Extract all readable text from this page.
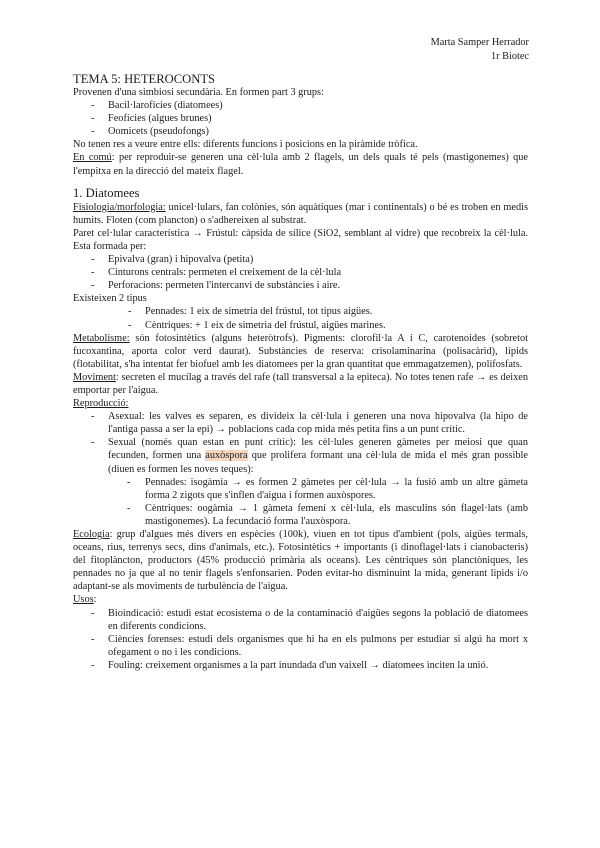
Marta Samper Herrador
1r Biotec
TEMA 5: HETEROCONTS

Provenen d'una simbiosi secundària. En formen part 3 grups:

- Bacil·larofícies (diatomees)
- Feofícies (algues brunes)
- Oomicets (pseudofongs)

No tenen res a veure entre ells: diferents funcions i posicions en la piràmide tròfica.

En comú: per reproduir-se generen una cèl·lula amb 2 flagels, un dels quals té pels (mastigonemes) que l'empitxa en la direcció del mateix flagel.

1. Diatomees

Fisiologia/morfologia: unicel·lulars, fan colònies, són aquàtiques (mar i continentals) o bé es troben en medis humits. Floten (com plancton) o s'adhereixen al substrat.

Paret cel·lular característica → Frústul: càpsida de sílice (SiO2, semblant al vidre) que recobreix la cèl·lula. Esta formada per:

- Epivalva (gran) i hipovalva (petita)
- Cinturons centrals: permeten el creixement de la cèl·lula
- Perforacions: permeten l'intercanvi de substàncies i aire.

Existeixen 2 tipus

- Pennades: 1 eix de simetria del frústul, tot tipus aigües.
- Cèntriques: + 1 eix de simetria del frústul, aigües marines.

Metabolisme: són fotosintètics (alguns heteròtrofs). Pigments: clorofil·la A i C, carotenoides (sobretot fucoxantina, aporta color verd daurat). Substàncies de reserva: crisolaminarina (polisacàrid), lípids (flotabilitat, s'ha intentat fer biofuel amb les diatomees per la gran quantitat que emmagatzemen), polifosfats.

Moviment: secreten el mucílag a través del rafe (tall transversal a la epiteca). No totes tenen rafe → es deixen emportar per l'aigua.

Reproducció:

- Asexual: les valves es separen, es divideix la cèl·lula i generen una nova hipovalva (la hipo de l'antiga passa a ser la epi) → poblacions cada cop mida més petita fins a un punt crític.
- Sexual (només quan estan en punt crític): les cèl·lules generen gàmetes per meiosi que quan fecunden, formen una auxòspora que prolifera formant una cèl·lula de mida el més gran possible (diuen es formen les noves teques):
- Pennades: isogàmia → es formen 2 gàmetes per cèl·lula → la fusió amb un altre gàmeta forma 2 zigots que s'inflen d'aigua i formen auxòspores.
- Cèntriques: oogàmia → 1 gàmeta femení x cèl·lula, els masculins són flagel·lats (amb mastigonemes). La fecundació forma l'auxòspora.

Ecologia: grup d'algues més divers en espècies (100k), viuen en tot tipus d'ambient (pols, aigües termals, oceans, rius, terrenys secs, dins d'animals, etc.). Fotosintètics + importants (i dinoflagel·lats i cianobacteris) del fitoplàncton, productors (45% producció primària als oceans). Les cèntriques són planctòniques, les pennades no ja que al no tenir flagels s'enfonsarien. Poden evitar-ho disminuint la mida, generant lípids i/o adaptant-se als moviments de turbulència de l'aigua.

Usos:

- Bioindicació: estudi estat ecosistema o de la contaminació d'aigües segons la població de diatomees en diferents condicions.
- Ciències forenses: estudi dels organismes que hi ha en els pulmons per estudiar si algú ha mort x ofegament o no i les condicions.
- Fouling: creixement organismes a la part inundada d'un vaixell → diatomees inciten la unió.
